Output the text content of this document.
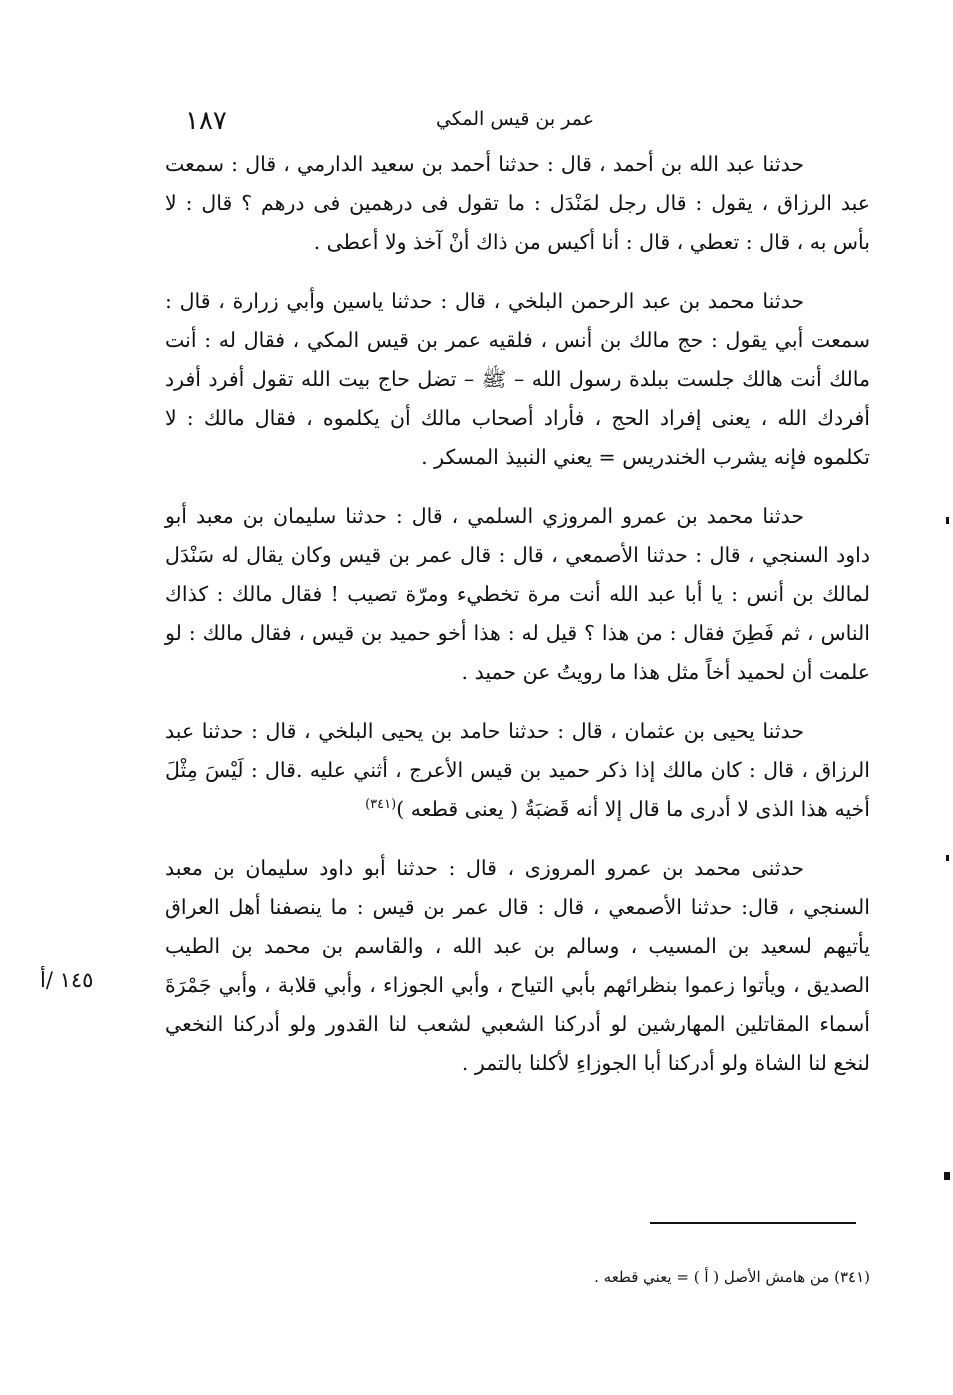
١٨٧	عمر بن قيس المكي

حدثنا عبد الله بن أحمد ، قال : حدثنا أحمد بن سعيد الدارمي ، قال : سمعت عبد الرزاق ، يقول : قال رجل لمَنْدَل : ما تقول فى درهمين فى درهم ؟ قال : لا بأس به ، قال : تعطي ، قال : أنا أكيس من ذاك أنْ آخذ ولا أعطى .

حدثنا محمد بن عبد الرحمن البلخي ، قال : حدثنا ياسين وأبي زرارة ، قال : سمعت أبي يقول : حج مالك بن أنس ، فلقيه عمر بن قيس المكي ، فقال له : أنت مالك أنت هالك جلست ببلدة رسول الله – ﷺ – تضل حاج بيت الله تقول أفرد أفرد أفردك الله ، يعنى إفراد الحج ، فأراد أصحاب مالك أن يكلموه ، فقال مالك : لا تكلموه فإنه يشرب الخندريس = يعني النبيذ المسكر .

حدثنا محمد بن عمرو المروزي السلمي ، قال : حدثنا سليمان بن معبد أبو داود السنجي ، قال : حدثنا الأصمعي ، قال : قال عمر بن قيس وكان يقال له سَنْدَل لمالك بن أنس : يا أبا عبد الله أنت مرة تخطيء ومرّة تصيب ! فقال مالك : كذاك الناس ، ثم فَطِنَ فقال : من هذا ؟ قيل له : هذا أخو حميد بن قيس ، فقال مالك : لو علمت أن لحميد أخاً مثل هذا ما رويتُ عن حميد .

حدثنا يحيى بن عثمان ، قال : حدثنا حامد بن يحيى البلخي ، قال : حدثنا عبد الرزاق ، قال : كان مالك إذا ذكر حميد بن قيس الأعرج ، أثني عليه .قال : لَيْسَ مِثْلَ أخيه هذا الذى لا أدرى ما قال إلا أنه قَضبَةُ ( يعنى قطعه )$^{(٣٤١)}$

حدثنى محمد بن عمرو المروزى ، قال : حدثنا أبو داود سليمان بن معبد السنجي ، قال: حدثنا الأصمعي ، قال : قال عمر بن قيس : ما ينصفنا أهل العراق يأتيهم لسعيد بن المسيب ، وسالم بن عبد الله ، والقاسم بن محمد بن الطيب الصديق ، ويأتوا زعموا بنظرائهم بأبي التياح ، وأبي الجوزاء ، وأبي قلابة ، وأبي جَمْرَةَ أسماء المقاتلين المهارشين لو أدركنا الشعبي لشعب لنا القدور ولو أدركنا النخعي لنخع لنا الشاة ولو أدركنا أبا الجوزاءِ لأكلنا بالتمر .

١٤٥ /أ
(٣٤١) من هامش الأصل ( أ ) = يعني قطعه .
